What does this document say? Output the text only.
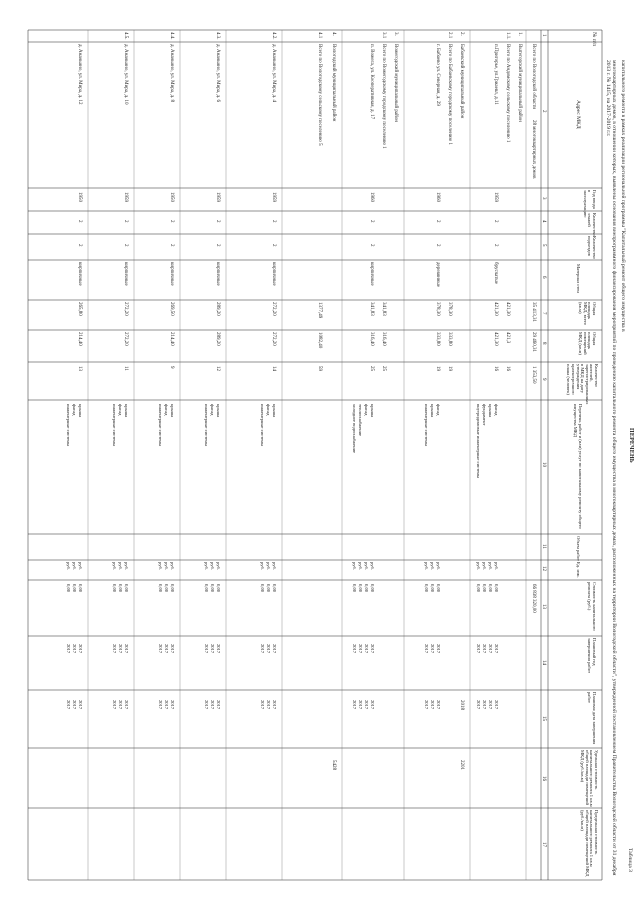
Таблица 3
ПЕРЕЧЕНЬ
капитального ремонта в рамках реализации региональной программы "Капитальный ремонт общего имущества в
многоквартирных домов, в отношении которых, выявлены основания внепрограммного финансирования мероприятий по проведению капитального ремонта общего имущества в многоквартирных домах, расположенных на территории Вологодской области", утвержденной постановлением Правительства Вологодской области от 31 декабря 2013 г. № 1415, на 2017-2019 г.г.
№ п/п
Адрес МКД
Год ввода в эксплуатацию
Количество этажей
Количество подъездов
Материал стен
Общая площадь МКД, всего (кв.м)
Общая площадь помещений МКД (кв.м)
Количество жителей, зарегистрированных в МКД на дату утверждения краткосрочного плана (человек)
Перечень работ и (или) услуг по капитальному ремонту общего имущества МКД
Объем работ
Ед. изм.
Стоимость капитального ремонта (руб.)
Плановый год завершения работ
Плановая дата завершения работ
Удельная стоимость капитального ремонта 1 кв.м общей площади помещений МКД (руб./кв.м)
Предельная стоимость капитального ремонта 1 кв.м общей площади помещений МКД (руб./кв.м)
1
2
3
4
5
6
7
8
9
10
11
12
13
14
15
16
17
Всего по Вологодской области
28 многоквартирных домов
35 413,31
29 460,31
1 353,50
66 838 320,00
1.
Вытегорский муниципальный район
1.1.
Всего по Андомскому сельскому поселению 1
421,30
421,3
16
п.Пригорье, ул.Гриаевл, д.11
1959
2
2
брусчатые
421,30
421,30
16
фасад
руб.
0,00
2017
2017
крыша
руб.
0,00
2017
2017
фундамент
руб.
0,00
2017
2017
внутридомовые инженерные системы
руб.
0,00
2017
2017
2.
Бабаевский муниципальный район
2.1
Всего по Бабаевскому городскому поселению 1
378,30
333,80
19
г. Бабаево ул. Северная, д. 29
1960
2
2
деревянные
378,30
333,80
19
фасад
руб.
0,00
2017
2017
крыша
руб.
0,00
2017
2017
инженерные системы
руб.
0,00
2017
2017
3.
Вожегодский муниципальный район
3.1
Всего по Вожегодскому городскому поселению 1
341,83
316,40
25
п. Вожега, ул. Кооперативная, д. 17
1960
2
2
кирпичные
341,83
316,40
25
крыша
руб.
0,00
2017
2017
фасад
руб.
0,00
2017
2017
теплоснабжение
руб.
0,00
2017
2017
холодное водоснабжение
руб.
0,00
2017
2017
4.
Вологодский муниципальный район
4.1
Всего по Вологодскому сельскому поселению 5
1377,49
1082,40
59
4.2.
д. Ананьино, ул. Мира, д. 4
1959
2
2
кирпичные
272,20
272,20
14
крыша
руб.
0,00
2017
2017
фасад
руб.
0,00
2017
2017
инженерные системы
руб.
0,00
2017
2017
4.3.
д. Ананьино, ул. Мира, д. 6
1959
2
2
кирпичные
289,20
289,20
12
крыша
руб.
0,00
2017
2017
фасад
руб.
0,00
2017
2017
инженерные системы
руб.
0,00
2017
2017
4.4.
д. Ананьино, ул. Мира, д. 8
1950
2
2
кирпичные
269,50
214,40
9
крыша
руб.
0,00
2017
2017
фасад
руб.
0,00
2017
2017
инженерные системы
руб.
0,00
2017
2017
4.5.
д. Ананьино, ул. Мира, д. 10
1959
2
2
кирпичные
272,20
272,20
11
крыша
руб.
0,00
2017
2017
фасад
руб.
0,00
2017
2017
инженерные системы
руб.
0,00
2017
2017
д. Ананьино, ул. Мира, д. 12
1950
2
2
кирпичные
265,80
214,40
13
крыша
руб.
0,00
2017
2017
фасад
руб.
0,00
2017
2017
инженерные системы
руб.
0,00
2017
2017
5428	2201
2018
